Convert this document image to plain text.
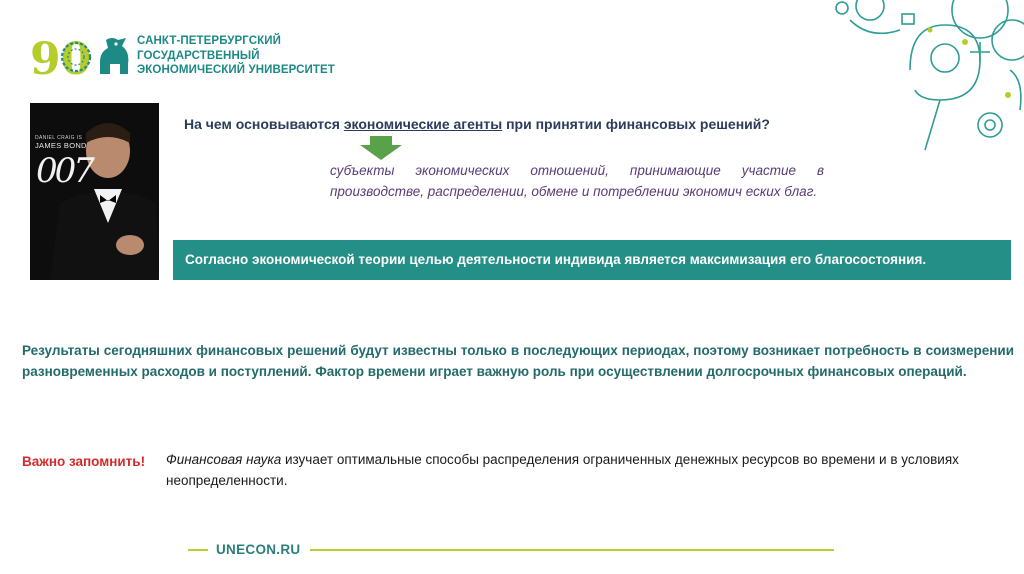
90	САНКТ-ПЕТЕРБУРГСКИЙ
ГОСУДАРСТВЕННЫЙ
ЭКОНОМИЧЕСКИЙ УНИВЕРСИТЕТ
DANIEL CRAIG IS
JAMES BOND
007
На чем основываются экономические агенты при принятии финансовых решений?
субъекты экономических отношений, принимающие участие в производстве, распределении, обмене и потреблении экономич еских благ.
Согласно экономической теории целью деятельности индивида является максимизация его благосостояния.
Результаты сегодняшних финансовых решений будут известны только в последующих периодах, поэтому возникает потребность в соизмерении разновременных расходов и поступлений. Фактор времени играет важную роль при осуществлении долгосрочных финансовых операций.
Важно запомнить! Финансовая наука изучает оптимальные способы распределения ограниченных денежных ресурсов во времени и в условиях неопределенности.
UNECON.RU
